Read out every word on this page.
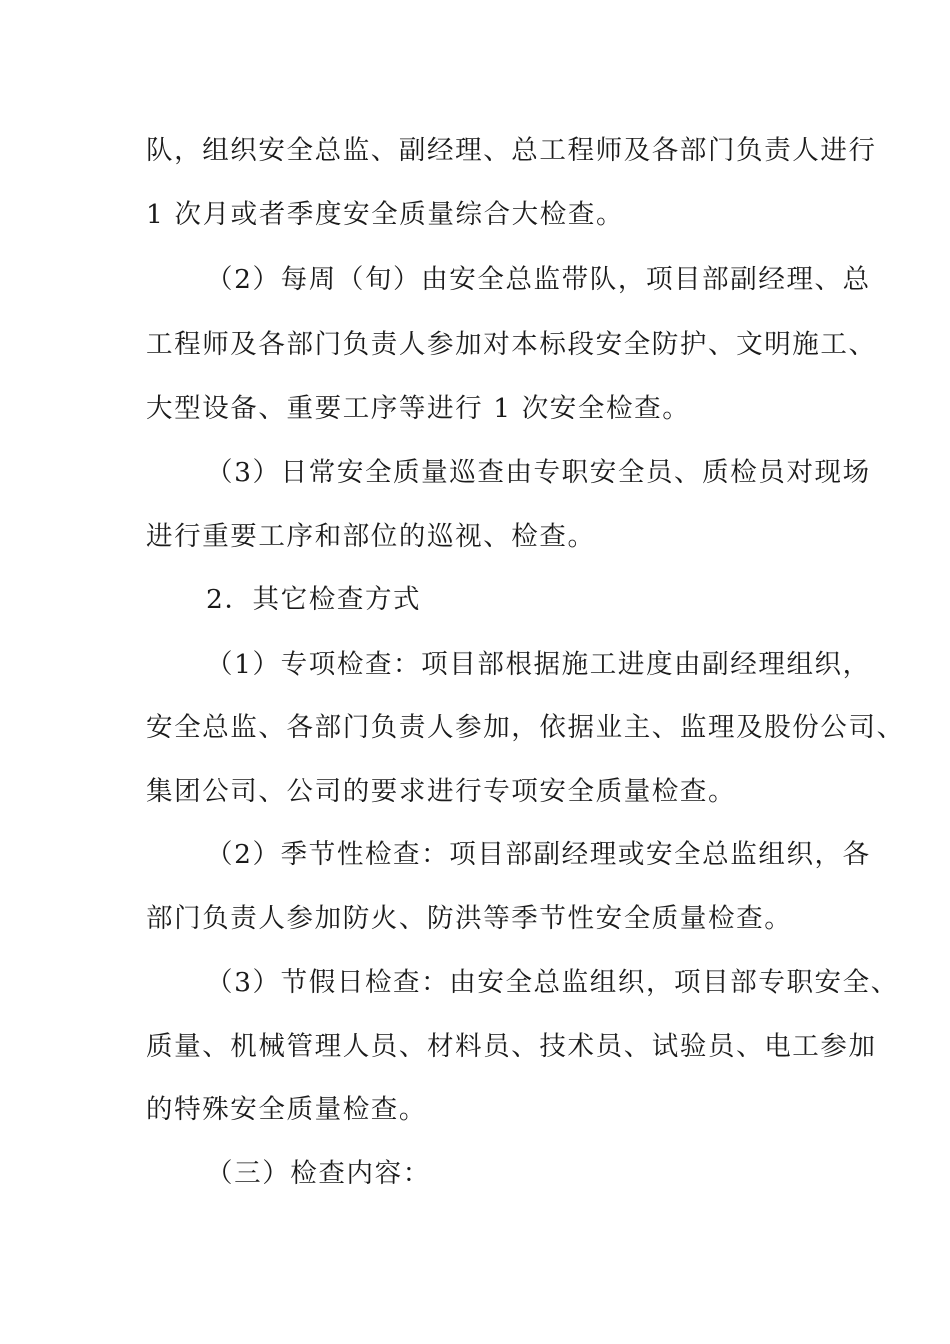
队，组织安全总监、副经理、总工程师及各部门负责人进行
1 次月或者季度安全质量综合大检查。
（2）每周（旬）由安全总监带队，项目部副经理、总
工程师及各部门负责人参加对本标段安全防护、文明施工、
大型设备、重要工序等进行 1 次安全检查。
（3）日常安全质量巡查由专职安全员、质检员对现场
进行重要工序和部位的巡视、检查。
2．其它检查方式
（1）专项检查：项目部根据施工进度由副经理组织，
安全总监、各部门负责人参加，依据业主、监理及股份公司、
集团公司、公司的要求进行专项安全质量检查。
（2）季节性检查：项目部副经理或安全总监组织，各
部门负责人参加防火、防洪等季节性安全质量检查。
（3）节假日检查：由安全总监组织，项目部专职安全、
质量、机械管理人员、材料员、技术员、试验员、电工参加
的特殊安全质量检查。
（三）检查内容：
